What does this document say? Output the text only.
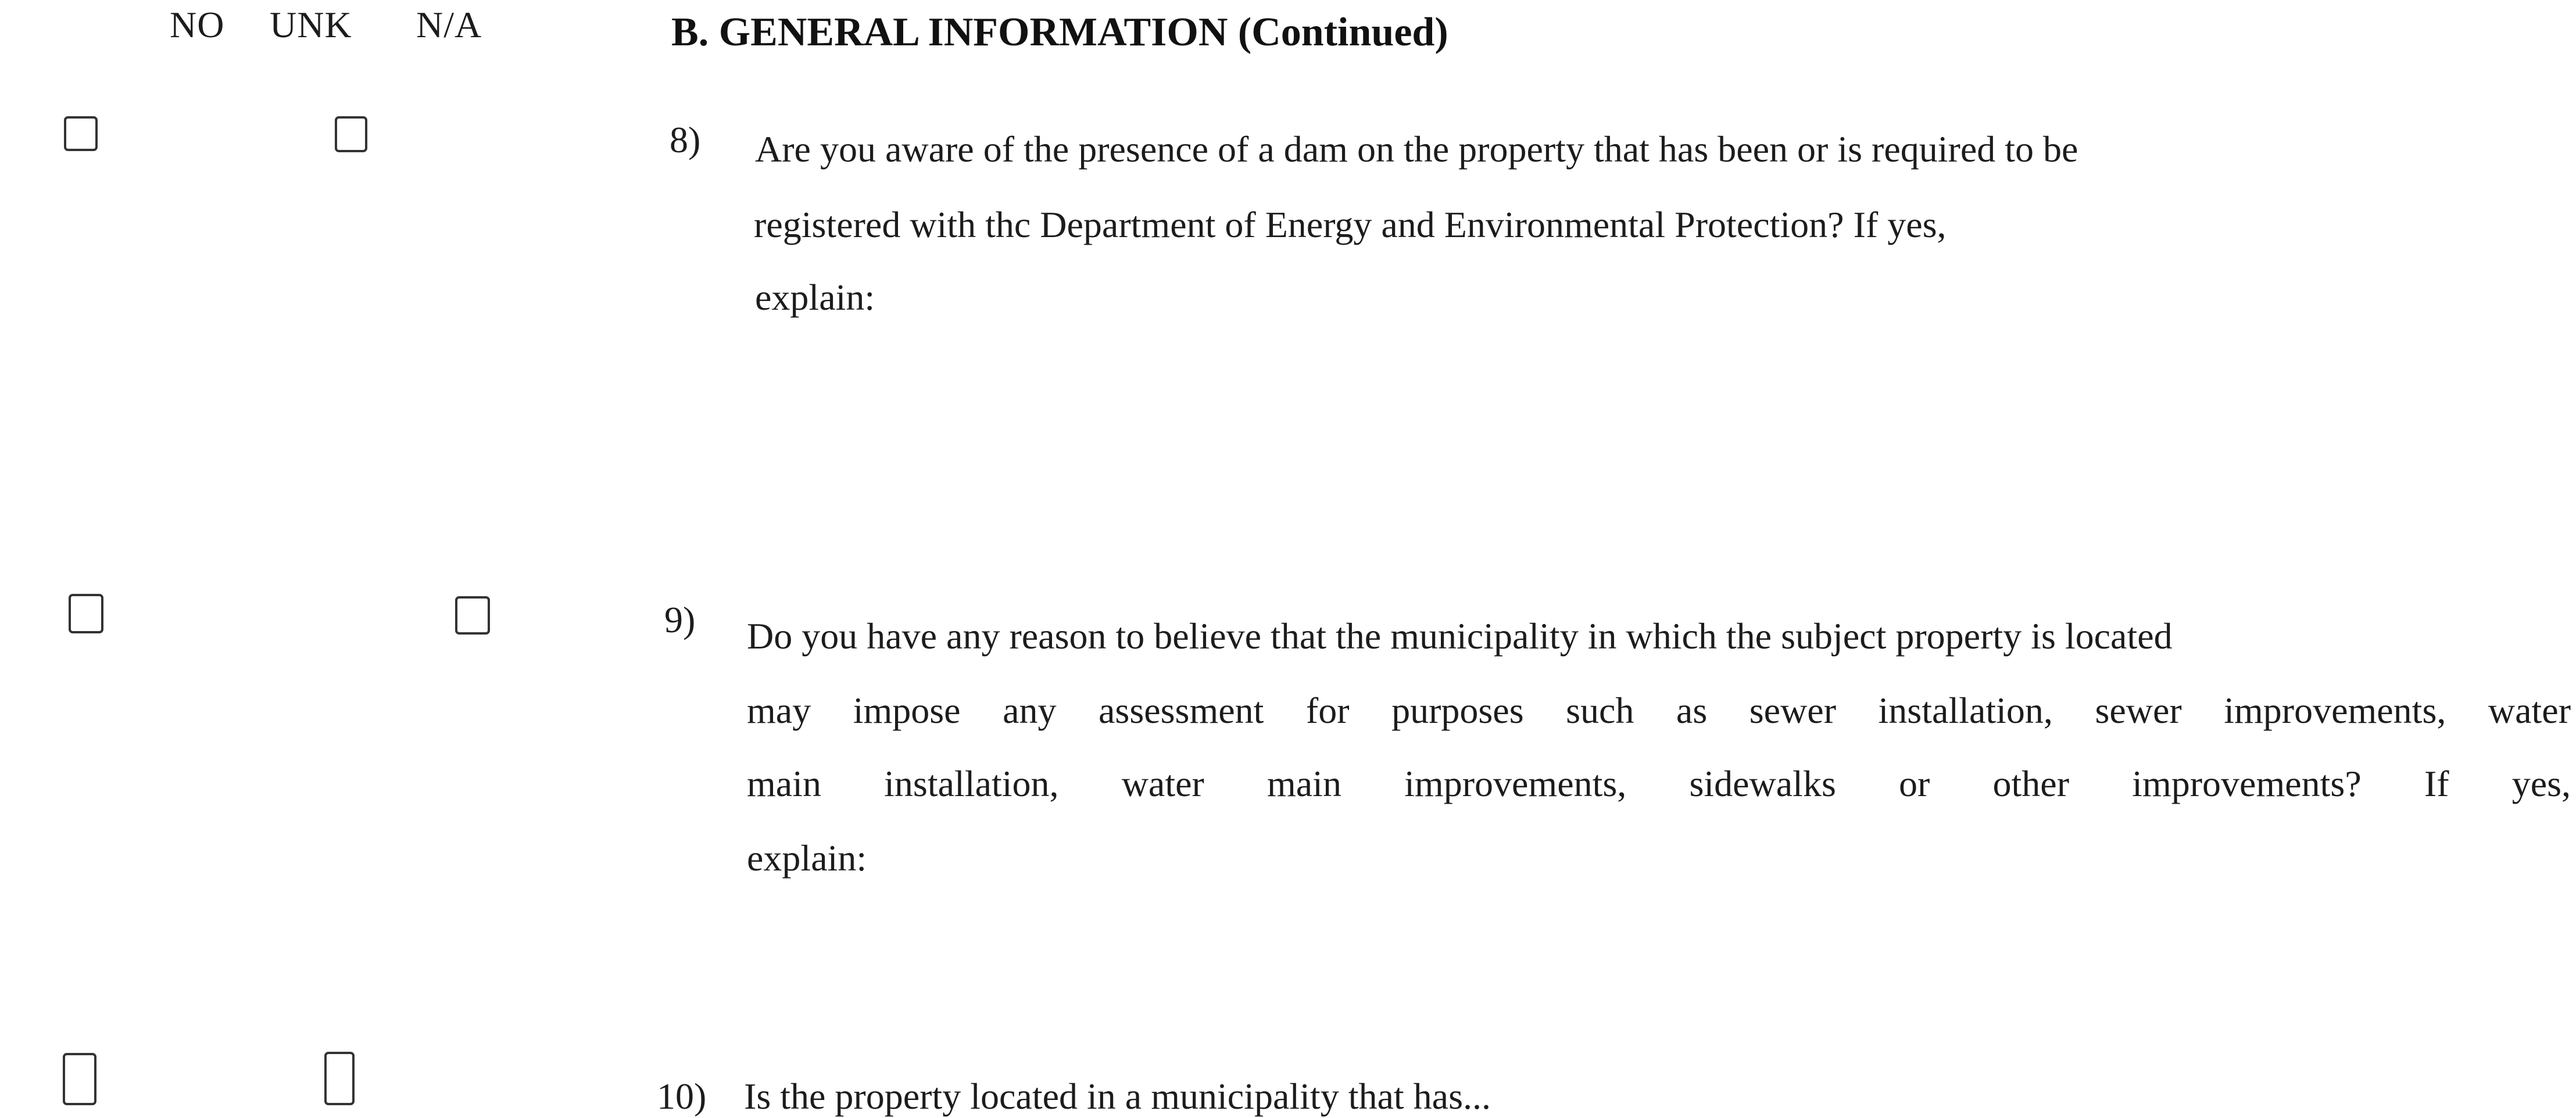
NO UNK N/A	B. GENERAL INFORMATION (Continued)
8) Are you aware of the presence of a dam on the property that has been or is required to be
registered with thc Department of Energy and Environmental Protection? If yes,
explain:
9) Do you have any reason to believe that the municipality in which the subject property is located
may impose any assessment for purposes such as sewer installation, sewer improvements, water
main installation, water main improvements, sidewalks or other improvements? If yes,
explain:
10) Is the property located in a municipality that has...
